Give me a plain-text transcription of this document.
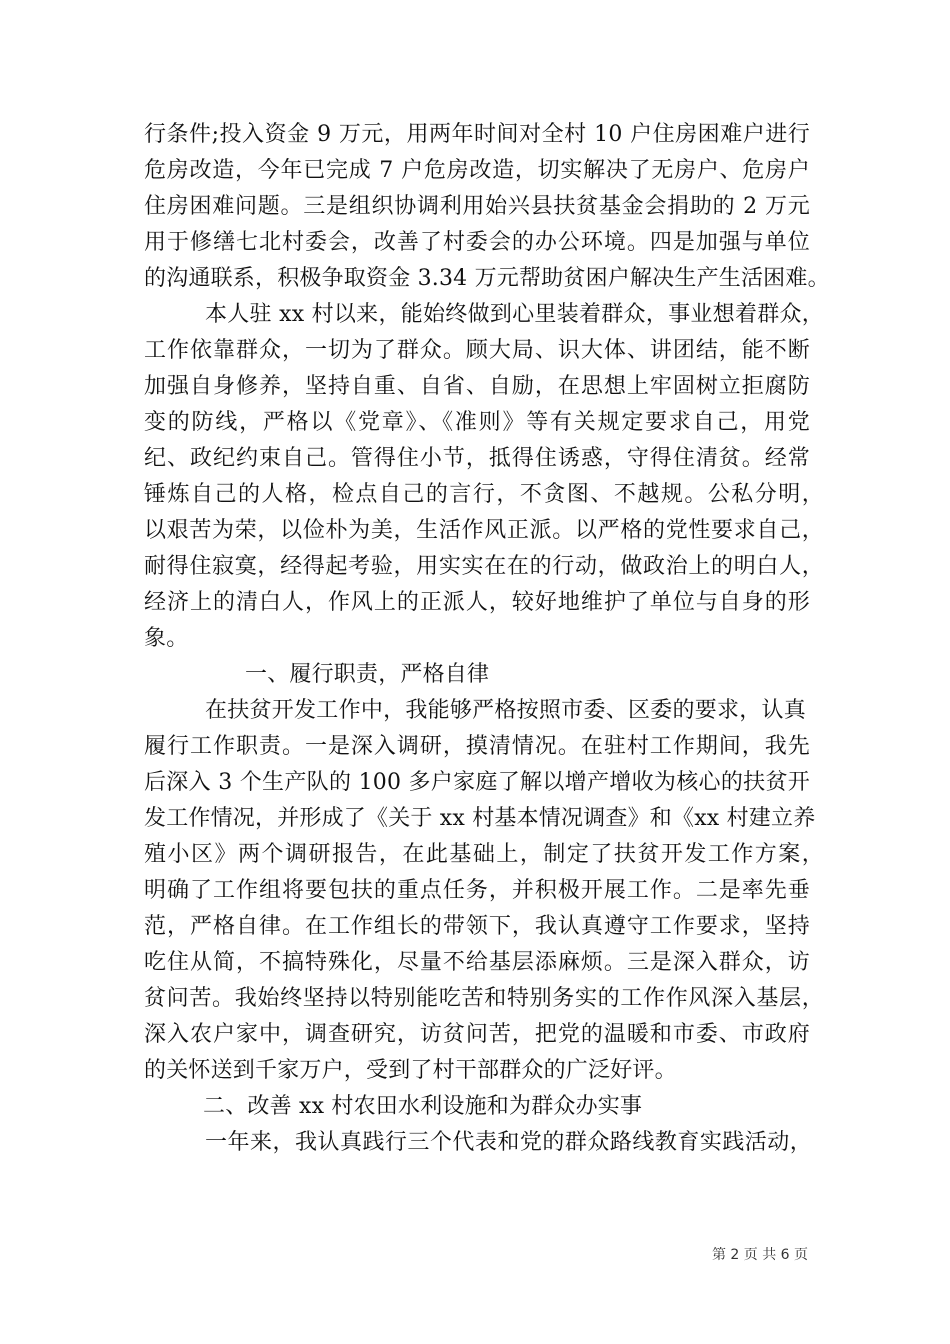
行条件;投入资金 9 万元，用两年时间对全村 10 户住房困难户进行
危房改造，今年已完成 7 户危房改造，切实解决了无房户、危房户
住房困难问题。三是组织协调利用始兴县扶贫基金会捐助的 2 万元
用于修缮七北村委会，改善了村委会的办公环境。四是加强与单位
的沟通联系，积极争取资金 3.34 万元帮助贫困户解决生产生活困难。
本人驻 xx 村以来，能始终做到心里装着群众，事业想着群众，
工作依靠群众，一切为了群众。顾大局、识大体、讲团结，能不断
加强自身修养，坚持自重、自省、自励，在思想上牢固树立拒腐防
变的防线，严格以《党章》、《准则》等有关规定要求自己，用党
纪、政纪约束自己。管得住小节，抵得住诱惑，守得住清贫。经常
锤炼自己的人格，检点自己的言行，不贪图、不越规。公私分明，
以艰苦为荣，以俭朴为美，生活作风正派。以严格的党性要求自己，
耐得住寂寞，经得起考验，用实实在在的行动，做政治上的明白人，
经济上的清白人，作风上的正派人，较好地维护了单位与自身的形
象。
一、履行职责，严格自律
在扶贫开发工作中，我能够严格按照市委、区委的要求，认真
履行工作职责。一是深入调研，摸清情况。在驻村工作期间，我先
后深入 3 个生产队的 100 多户家庭了解以增产增收为核心的扶贫开
发工作情况，并形成了《关于 xx 村基本情况调查》和《xx 村建立养
殖小区》两个调研报告，在此基础上，制定了扶贫开发工作方案，
明确了工作组将要包扶的重点任务，并积极开展工作。二是率先垂
范，严格自律。在工作组长的带领下，我认真遵守工作要求，坚持
吃住从简，不搞特殊化，尽量不给基层添麻烦。三是深入群众，访
贫问苦。我始终坚持以特别能吃苦和特别务实的工作作风深入基层，
深入农户家中，调查研究，访贫问苦，把党的温暖和市委、市政府
的关怀送到千家万户，受到了村干部群众的广泛好评。
二、改善 xx 村农田水利设施和为群众办实事
一年来，我认真践行三个代表和党的群众路线教育实践活动，
第 2 页 共 6 页
